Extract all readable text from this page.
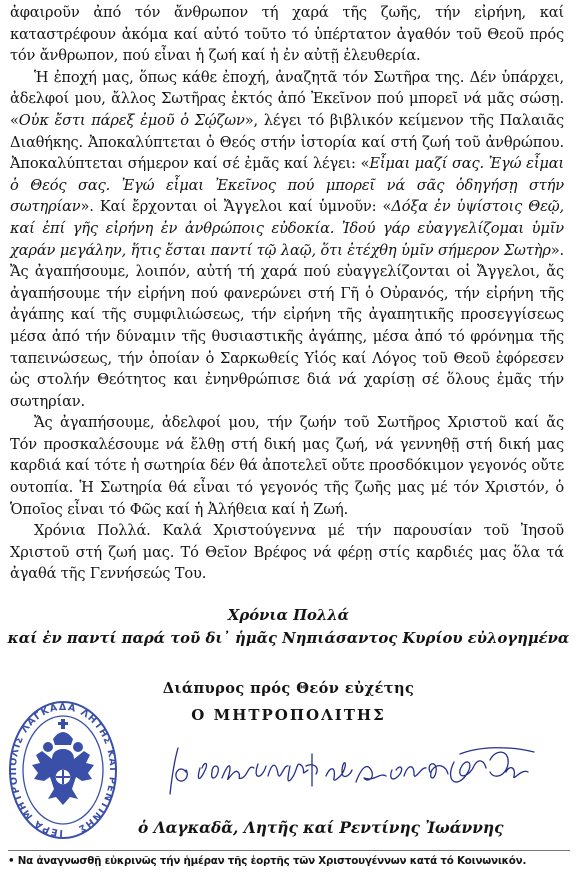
ἀφαιροῦν ἀπό τόν ἄνθρωπον τή χαρά τῆς ζωῆς, τήν εἰρήνη, καί καταστρέφουν ἀκόμα καί αὐτό τοῦτο τό ὑπέρτατον ἀγαθόν τοῦ Θεοῦ πρός τόν ἄνθρωπον, πού εἶναι ἡ ζωή καί ἡ ἐν αὐτῇ ἐλευθερία.

Ἡ ἐποχή μας, ὅπως κάθε ἐποχή, ἀναζητᾶ τόν Σωτῆρα της. Δέν ὑπάρχει, ἀδελφοί μου, ἄλλος Σωτῆρας ἐκτός ἀπό Ἐκεῖνον πού μπορεῖ νά μᾶς σώσῃ. «Οὐκ ἔστι πάρεξ ἐμοῦ ὁ Σῴζων», λέγει τό βιβλικόν κείμενον τῆς Παλαιᾶς Διαθήκης. Ἀποκαλύπτεται ὁ Θεός στήν ἱστορία καί στή ζωή τοῦ ἀνθρώπου. Ἀποκαλύπτεται σήμερον καί σέ ἐμᾶς καί λέγει: «Εἶμαι μαζί σας. Ἐγώ εἶμαι ὁ Θεός σας. Ἐγώ εἶμαι Ἐκεῖνος πού μπορεῖ νά σᾶς ὁδηγήσῃ στήν σωτηρίαν». Καί ἔρχονται οἱ Ἄγγελοι καί ὑμνοῦν: «Δόξα ἐν ὑψίστοις Θεῷ, καί ἐπί γῆς εἰρήνη ἐν ἀνθρώποις εὐδοκία. Ἰδού γάρ εὐαγγελίζομαι ὑμῖν χαράν μεγάλην, ἥτις ἔσται παντί τῷ λαῷ, ὅτι ἐτέχθη ὑμῖν σήμερον Σωτὴρ». Ἄς ἀγαπήσουμε, λοιπόν, αὐτή τή χαρά πού εὐαγγελίζονται οἱ Ἄγγελοι, ἄς ἀγαπήσουμε τήν εἰρήνη πού φανερώνει στή Γῆ ὁ Οὐρανός, τήν εἰρήνη τῆς ἀγάπης καί τῆς συμφιλιώσεως, τήν εἰρήνη τῆς ἀγαπητικῆς προσεγγίσεως μέσα ἀπό τήν δύναμιν τῆς θυσιαστικῆς ἀγάπης, μέσα ἀπό τό φρόνημα τῆς ταπεινώσεως, τήν ὁποίαν ὁ Σαρκωθείς Υἱός καί Λόγος τοῦ Θεοῦ ἐφόρεσεν ὡς στολήν Θεότητος και ἐνηνθρώπισε διά νά χαρίσῃ σέ ὅλους ἐμᾶς τήν σωτηρίαν.

Ἄς ἀγαπήσουμε, ἀδελφοί μου, τήν ζωήν τοῦ Σωτῆρος Χριστοῦ καί ἄς Τόν προσκαλέσουμε νά ἔλθῃ στή δική μας ζωή, νά γεννηθῇ στή δική μας καρδιά καί τότε ἡ σωτηρία δέν θά ἀποτελεῖ οὔτε προσδόκιμον γεγονός οὔτε ουτοπία. Ἡ Σωτηρία θά εἶναι τό γεγονός τῆς ζωῆς μας μέ τόν Χριστόν, ὁ Ὁποῖος εἶναι τό Φῶς καί ἡ Ἀλήθεια καί ἡ Ζωή.

Χρόνια Πολλά. Καλά Χριστούγεννα μέ τήν παρουσίαν τοῦ Ἰησοῦ Χριστοῦ στή ζωή μας. Τό Θεῖον Βρέφος νά φέρῃ στίς καρδιές μας ὅλα τά ἀγαθά τῆς Γεννήσεώς Του.

Χρόνια Πολλά
καί ἐν παντί παρά τοῦ δι᾿ ἡμᾶς Νηπιάσαντος Κυρίου εὐλογημένα
Διάπυρος πρός Θεόν εὐχέτης
Ο ΜΗΤΡΟΠΟΛΙΤΗΣ
ΙΕΡΑ ΜΗΤΡΟΠΟΛΙΣ ΛΑΓΚΑΔΑ ΛΗΤΗΣ ΚΑΙ ΡΕΝΤΙΝΗΣ	ὁ Λαγκαδᾶ, Λητῆς καί Ρεντίνης Ἰωάννης
• Να ἀναγνωσθῇ εὐκρινῶς τήν ἡμέραν τῆς ἑορτῆς τῶν Χριστουγέννων κατά τό Κοινωνικόν.
